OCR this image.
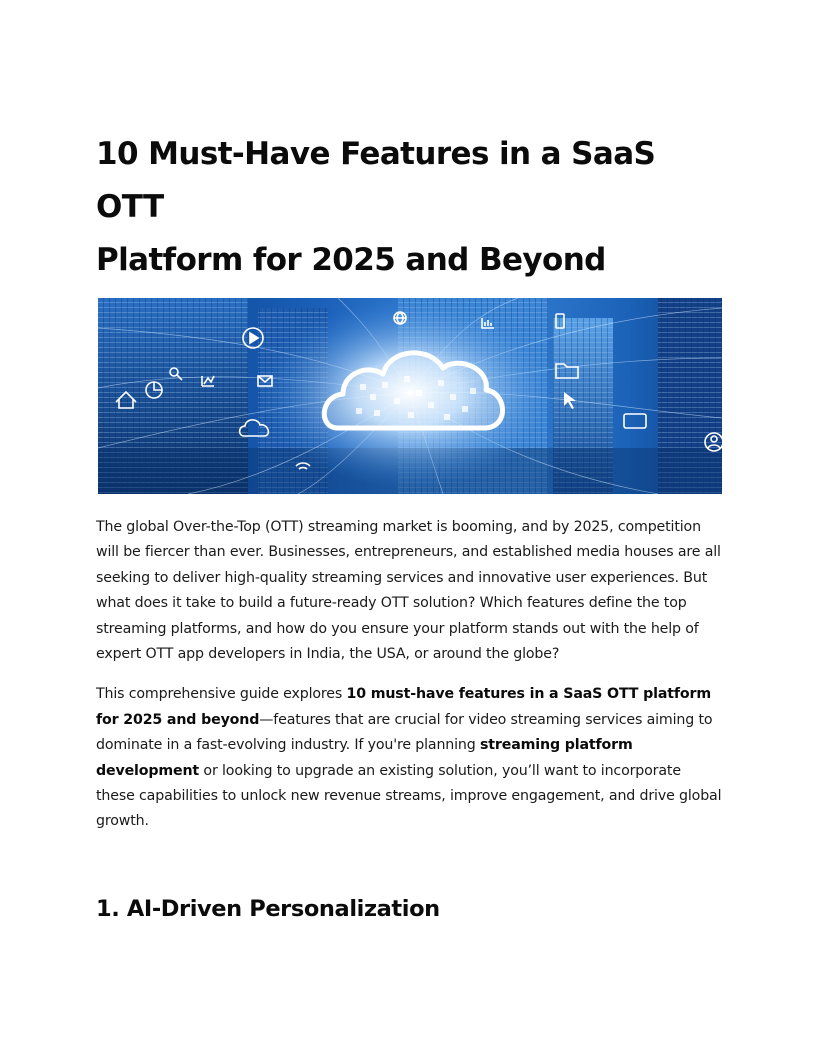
10 Must-Have Features in a SaaS OTT
Platform for 2025 and Beyond

The global Over-the-Top (OTT) streaming market is booming, and by 2025, competition will be fiercer than ever. Businesses, entrepreneurs, and established media houses are all seeking to deliver high-quality streaming services and innovative user experiences. But what does it take to build a future-ready OTT solution? Which features define the top streaming platforms, and how do you ensure your platform stands out with the help of expert OTT app developers in India, the USA, or around the globe?

This comprehensive guide explores 10 must-have features in a SaaS OTT platform for 2025 and beyond—features that are crucial for video streaming services aiming to dominate in a fast-evolving industry. If you're planning streaming platform development or looking to upgrade an existing solution, you’ll want to incorporate these capabilities to unlock new revenue streams, improve engagement, and drive global growth.

1. AI-Driven Personalization
